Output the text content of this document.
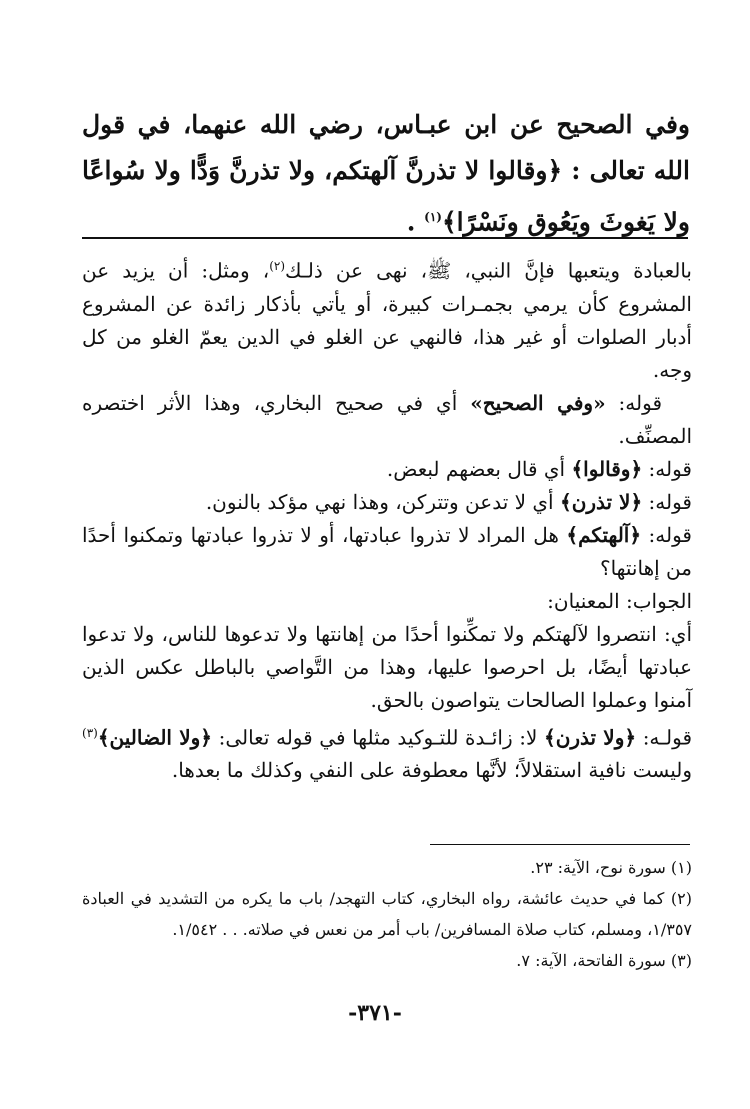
وفي الصحيح عن ابن عبـاس، رضي الله عنهما، في قول الله تعالى : ﴿وقالوا لا تذرنَّ آلهتكم، ولا تذرنَّ وَدًّا ولا سُواعًا ولا يَغوثَ ويَعُوق ونَسْرًا﴾$^{(١)}$ .

بالعبادة ويتعبها فإنَّ النبي، ﷺ، نهى عن ذلـك$^{(٢)}$، ومثل: أن يزيد عن المشروع كأن يرمي بجمـرات كبيرة، أو يأتي بأذكار زائدة عن المشروع أدبار الصلوات أو غير هذا، فالنهي عن الغلو في الدين يعمّ الغلو من كل وجه.

قوله: «وفي الصحيح» أي في صحيح البخاري، وهذا الأثر اختصره المصنِّف.

قوله: ﴿وقالوا﴾ أي قال بعضهم لبعض.

قوله: ﴿لا تذرن﴾ أي لا تدعن وتتركن، وهذا نهي مؤكد بالنون.

قوله: ﴿آلهتكم﴾ هل المراد لا تذروا عبادتها، أو لا تذروا عبادتها وتمكنوا أحدًا من إهانتها؟

الجواب: المعنيان:

أي: انتصروا لآلهتكم ولا تمكِّنوا أحدًا من إهانتها ولا تدعوها للناس، ولا تدعوا عبادتها أيضًا، بل احرصوا عليها، وهذا من التَّواصي بالباطل عكس الذين آمنوا وعملوا الصالحات يتواصون بالحق.

قولـه: ﴿ولا تذرن﴾ لا: زائـدة للتـوكيد مثلها في قوله تعالى: ﴿ولا الضالين﴾$^{(٣)}$ وليست نافية استقلالاً؛ لأنَّها معطوفة على النفي وكذلك ما بعدها.

(١) سورة نوح، الآية: ٢٣.

(٢) كما في حديث عائشة، رواه البخاري، كتاب التهجد/ باب ما يكره من التشديد في العبادة ١/٣٥٧، ومسلم، كتاب صلاة المسافرين/ باب أمر من نعس في صلاته. . . ١/٥٤٢.

(٣) سورة الفاتحة، الآية: ٧.

-٣٧١-
